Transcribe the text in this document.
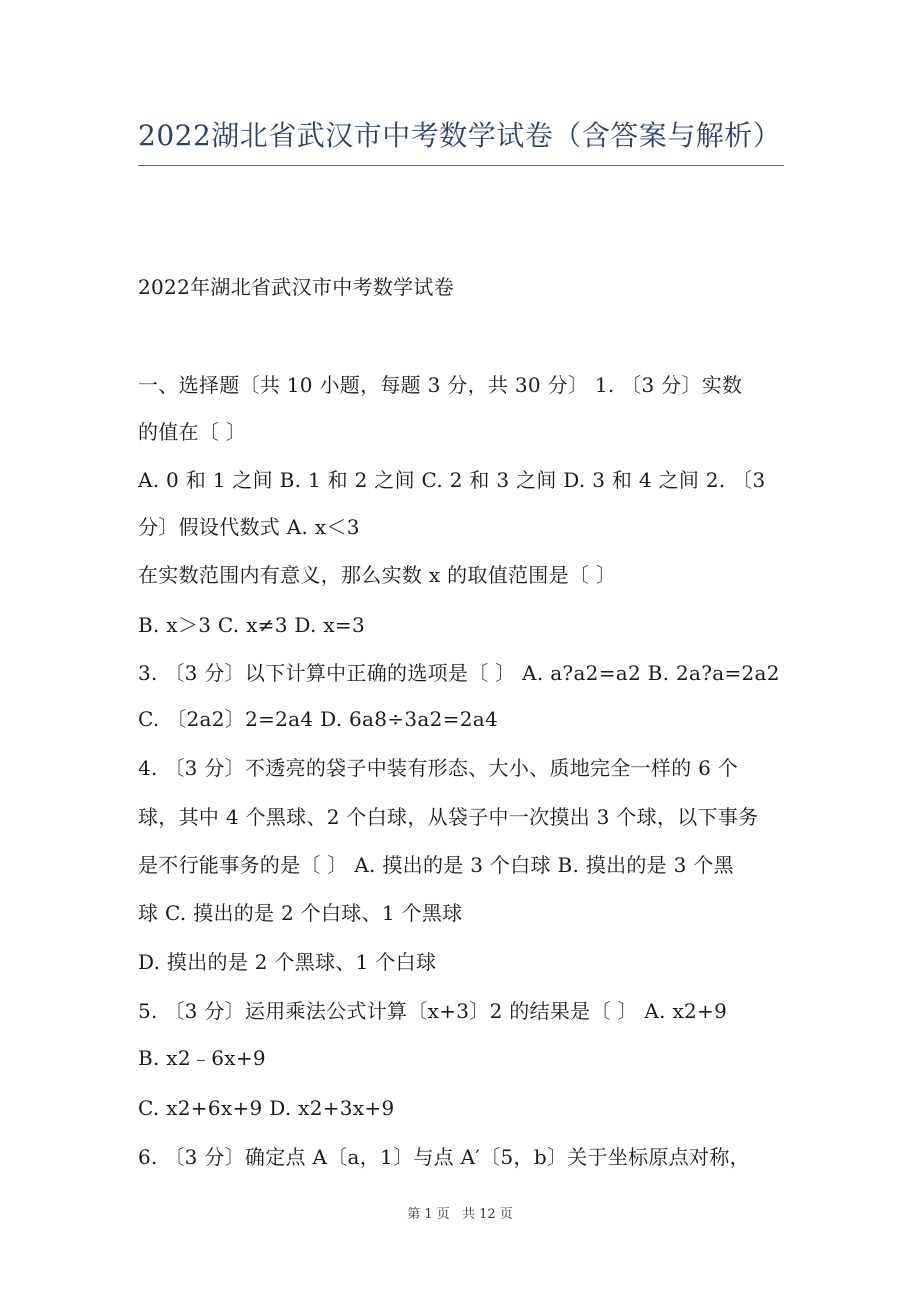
2022湖北省武汉市中考数学试卷（含答案与解析）
2022年湖北省武汉市中考数学试卷
一、选择题〔共 10 小题，每题 3 分，共 30 分〕 1. 〔3 分〕实数
的值在〔 〕
A. 0 和 1 之间 B. 1 和 2 之间 C. 2 和 3 之间 D. 3 和 4 之间 2. 〔3
分〕假设代数式 A. x＜3
在实数范围内有意义，那么实数 x 的取值范围是〔 〕
B. x＞3 C. x≠3 D. x=3
3. 〔3 分〕以下计算中正确的选项是〔 〕 A. a?a2=a2 B. 2a?a=2a2
C. 〔2a2〕2=2a4 D. 6a8÷3a2=2a4
4. 〔3 分〕不透亮的袋子中装有形态、大小、质地完全一样的 6 个
球，其中 4 个黑球、2 个白球，从袋子中一次摸出 3 个球，以下事务
是不行能事务的是〔 〕 A. 摸出的是 3 个白球 B. 摸出的是 3 个黑
球 C. 摸出的是 2 个白球、1 个黑球
D. 摸出的是 2 个黑球、1 个白球
5. 〔3 分〕运用乘法公式计算〔x+3〕2 的结果是〔 〕 A. x2+9
B. x2﹣6x+9
C. x2+6x+9 D. x2+3x+9
6. 〔3 分〕确定点 A〔a，1〕与点 A′〔5，b〕关于坐标原点对称，
第 1 页 共 12 页
